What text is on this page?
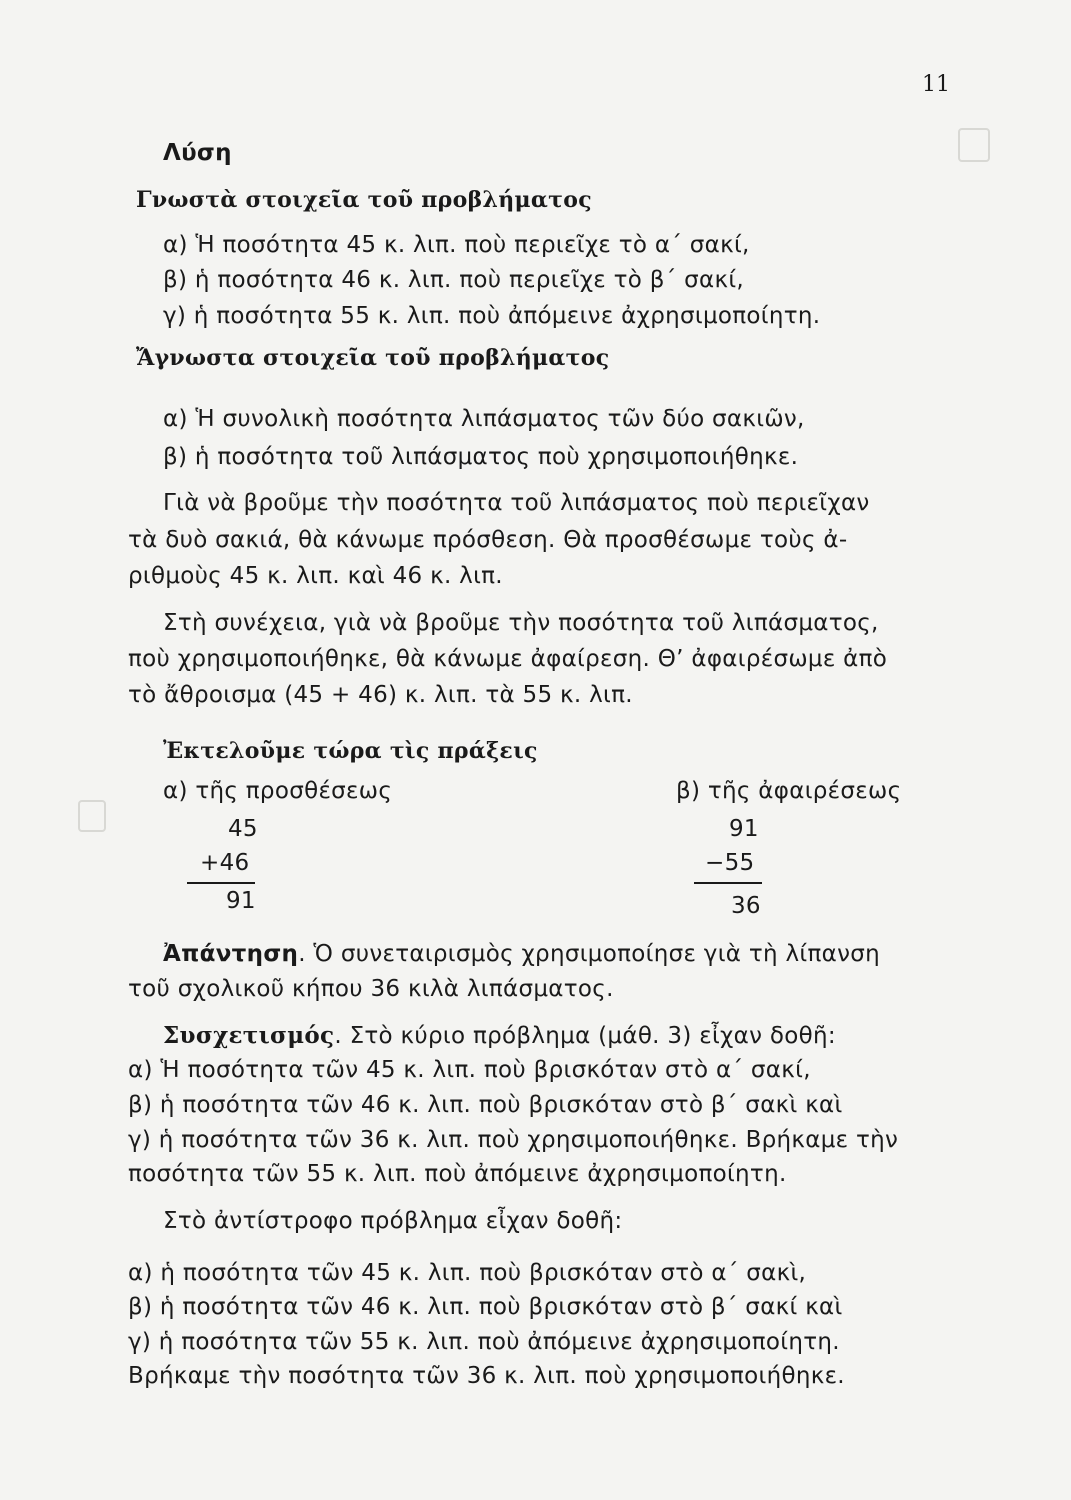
11
Λύση
Γνωστὰ στοιχεῖα τοῦ προβλήματος
α) Ἡ ποσότητα 45 κ. λιπ. ποὺ περιεῖχε τὸ α΄ σακί,
β) ἡ ποσότητα 46 κ. λιπ. ποὺ περιεῖχε τὸ β΄ σακί,
γ) ἡ ποσότητα 55 κ. λιπ. ποὺ ἀπόμεινε ἀχρησιμοποίητη.
Ἄγνωστα στοιχεῖα τοῦ προβλήματος
α) Ἡ συνολικὴ ποσότητα λιπάσματος τῶν δύο σακιῶν,
β) ἡ ποσότητα τοῦ λιπάσματος ποὺ χρησιμοποιήθηκε.
Γιὰ νὰ βροῦμε τὴν ποσότητα τοῦ λιπάσματος ποὺ περιεῖχαν
τὰ δυὸ σακιά, θὰ κάνωμε πρόσθεση. Θὰ προσθέσωμε τοὺς ἀ-
ριθμοὺς 45 κ. λιπ. καὶ 46 κ. λιπ.
Στὴ συνέχεια, γιὰ νὰ βροῦμε τὴν ποσότητα τοῦ λιπάσματος,
ποὺ χρησιμοποιήθηκε, θὰ κάνωμε ἀφαίρεση. Θ’ ἀφαιρέσωμε ἀπὸ
τὸ ἄθροισμα (45 + 46) κ. λιπ. τὰ 55 κ. λιπ.
Ἐκτελοῦμε τώρα τὶς πράξεις
α) τῆς προσθέσεως	β) τῆς ἀφαιρέσεως
45
+46
91
91
−55
36
Ἀπάντηση. Ὁ συνεταιρισμὸς χρησιμοποίησε γιὰ τὴ λίπανση
τοῦ σχολικοῦ κήπου 36 κιλὰ λιπάσματος.
Συσχετισμός. Στὸ κύριο πρόβλημα (μάθ. 3) εἶχαν δοθῆ:
α) Ἡ ποσότητα τῶν 45 κ. λιπ. ποὺ βρισκόταν στὸ α΄ σακί,
β) ἡ ποσότητα τῶν 46 κ. λιπ. ποὺ βρισκόταν στὸ β΄ σακὶ καὶ
γ) ἡ ποσότητα τῶν 36 κ. λιπ. ποὺ χρησιμοποιήθηκε. Βρήκαμε τὴν
ποσότητα τῶν 55 κ. λιπ. ποὺ ἀπόμεινε ἀχρησιμοποίητη.
Στὸ ἀντίστροφο πρόβλημα εἶχαν δοθῆ:
α) ἡ ποσότητα τῶν 45 κ. λιπ. ποὺ βρισκόταν στὸ α΄ σακὶ,
β) ἡ ποσότητα τῶν 46 κ. λιπ. ποὺ βρισκόταν στὸ β΄ σακί καὶ
γ) ἡ ποσότητα τῶν 55 κ. λιπ. ποὺ ἀπόμεινε ἀχρησιμοποίητη.
Βρήκαμε τὴν ποσότητα τῶν 36 κ. λιπ. ποὺ χρησιμοποιήθηκε.
